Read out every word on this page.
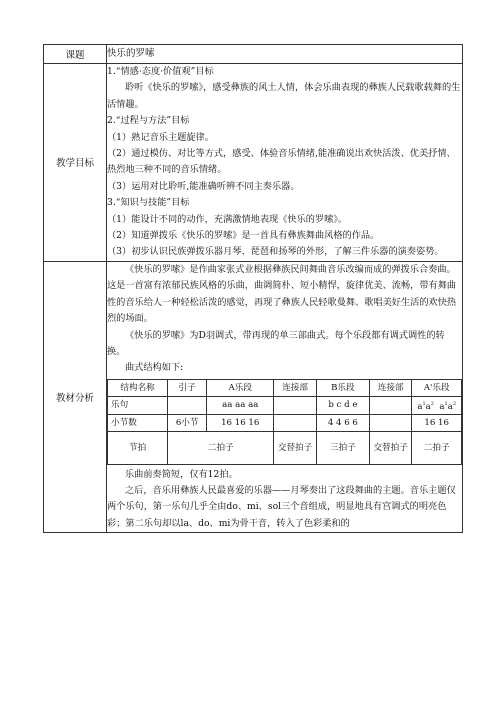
课题	快乐的罗嗦
教学目标	

1.“情感·态度·价值观”目标

聆听《快乐的罗嗦》，感受彝族的风土人情，体会乐曲表现的彝族人民载歌载舞的生活情趣。

2.“过程与方法”目标

（1）熟记音乐主题旋律。

（2）通过模仿、对比等方式，感受、体验音乐情绪,能准确说出欢快活泼、优美抒情、热烈地三种不同的音乐情绪。

（3）运用对比聆听,能准确听辨不同主奏乐器。

3.“知识与技能”目标

（1）能设计不同的动作，充满激情地表现《快乐的罗嗦》。

（2）知道弹拨乐《快乐的罗嗦》是一首具有彝族舞曲风格的作品。

（3）初步认识民族弹拨乐器月琴、琵琶和扬琴的外形，了解三件乐器的演奏姿势。

教材分析	

《快乐的罗嗦》是作曲家张式业根据彝族民间舞曲音乐改编而成的弹拨乐合奏曲。这是一首富有浓郁民族风格的乐曲，曲调简朴、短小精悍，旋律优美、流畅，带有舞曲性的音乐给人一种轻松活泼的感觉，再现了彝族人民轻歌曼舞、歌唱美好生活的欢快热烈的场面。

《快乐的罗嗦》为D羽调式，带再现的单三部曲式。每个乐段都有调式调性的转换。

曲式结构如下:

结构名称	引子	A乐段	连接部	B乐段	连接部	A'乐段
乐句		aa aa aa		b c d e		$a^1a^2$ $a^1a^2$
小节数	6小节	16 16 16		4 4 6 6		16 16
节拍	二拍子	交替拍子	三拍子	交替拍子	二拍子

乐曲前奏简短，仅有12拍。

之后，音乐用彝族人民最喜爱的乐器——月琴奏出了这段舞曲的主题。音乐主题仅两个乐句，第一乐句几乎全由do、mi、sol三个音组成，明显地具有宫调式的明亮色彩；第二乐句却以la、do、mi为骨干音，转入了色彩柔和的
